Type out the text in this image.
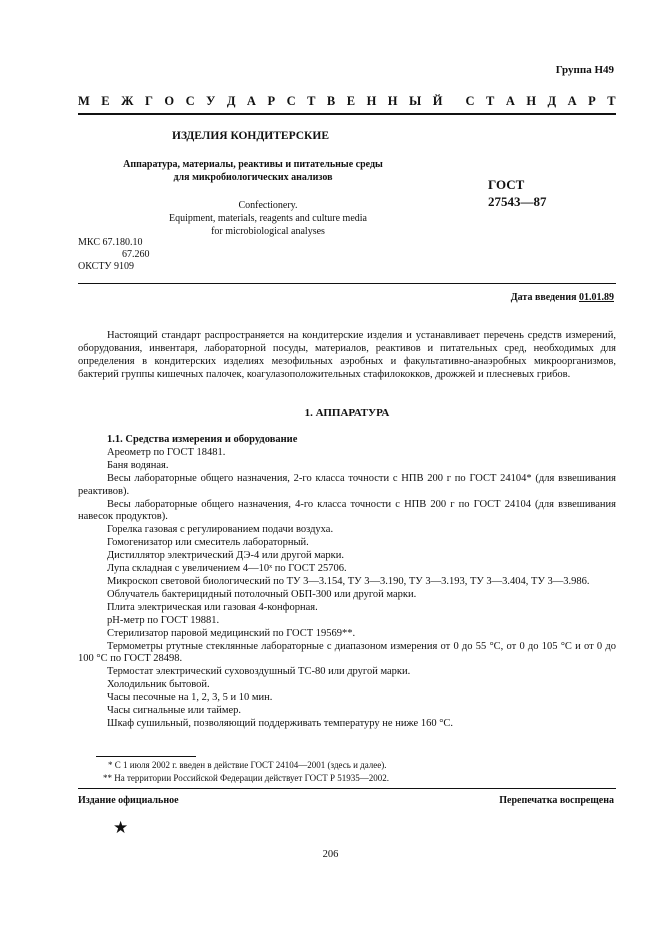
Группа Н49
М Е Ж Г О С У Д А Р С Т В Е Н Н Ы Й С Т А Н Д А Р Т
ИЗДЕЛИЯ КОНДИТЕРСКИЕ
Аппаратура, материалы, реактивы и питательные среды
для микробиологических анализов
Confectionery.
Equipment, materials, reagents and culture media
for microbiological analyses
ГОСТ
27543—87
МКС 67.180.10
67.260
ОКСТУ 9109
Дата введения 01.01.89

Настоящий стандарт распространяется на кондитерские изделия и устанавливает перечень средств измерений, оборудования, инвентаря, лабораторной посуды, материалов, реактивов и питательных сред, необходимых для определения в кондитерских изделиях мезофильных аэробных и факультативно-анаэробных микроорганизмов, бактерий группы кишечных палочек, коагулазоположительных стафилококков, дрожжей и плесневых грибов.

1. АППАРАТУРА

1.1. Средства измерения и оборудование

Ареометр по ГОСТ 18481.

Баня водяная.

Весы лабораторные общего назначения, 2-го класса точности с НПВ 200 г по ГОСТ 24104* (для взвешивания реактивов).

Весы лабораторные общего назначения, 4-го класса точности с НПВ 200 г по ГОСТ 24104 (для взвешивания навесок продуктов).

Горелка газовая с регулированием подачи воздуха.

Гомогенизатор или смеситель лабораторный.

Дистиллятор электрический ДЭ-4 или другой марки.

Лупа складная с увеличением 4—10ˣ по ГОСТ 25706.

Микроскоп световой биологический по ТУ 3—3.154, ТУ 3—3.190, ТУ 3—3.193, ТУ 3—3.404, ТУ 3—3.986.

Облучатель бактерицидный потолочный ОБП-300 или другой марки.

Плита электрическая или газовая 4-конфорная.

pH-метр по ГОСТ 19881.

Стерилизатор паровой медицинский по ГОСТ 19569**.

Термометры ртутные стеклянные лабораторные с диапазоном измерения от 0 до 55 °С, от 0 до 105 °С и от 0 до 100 °С по ГОСТ 28498.

Термостат электрический суховоздушный ТС-80 или другой марки.

Холодильник бытовой.

Часы песочные на 1, 2, 3, 5 и 10 мин.

Часы сигнальные или таймер.

Шкаф сушильный, позволяющий поддерживать температуру не ниже 160 °С.

* С 1 июля 2002 г. введен в действие ГОСТ 24104—2001 (здесь и далее).
** На территории Российской Федерации действует ГОСТ Р 51935—2002.
Издание официальное	Перепечатка воспрещена
★
206
